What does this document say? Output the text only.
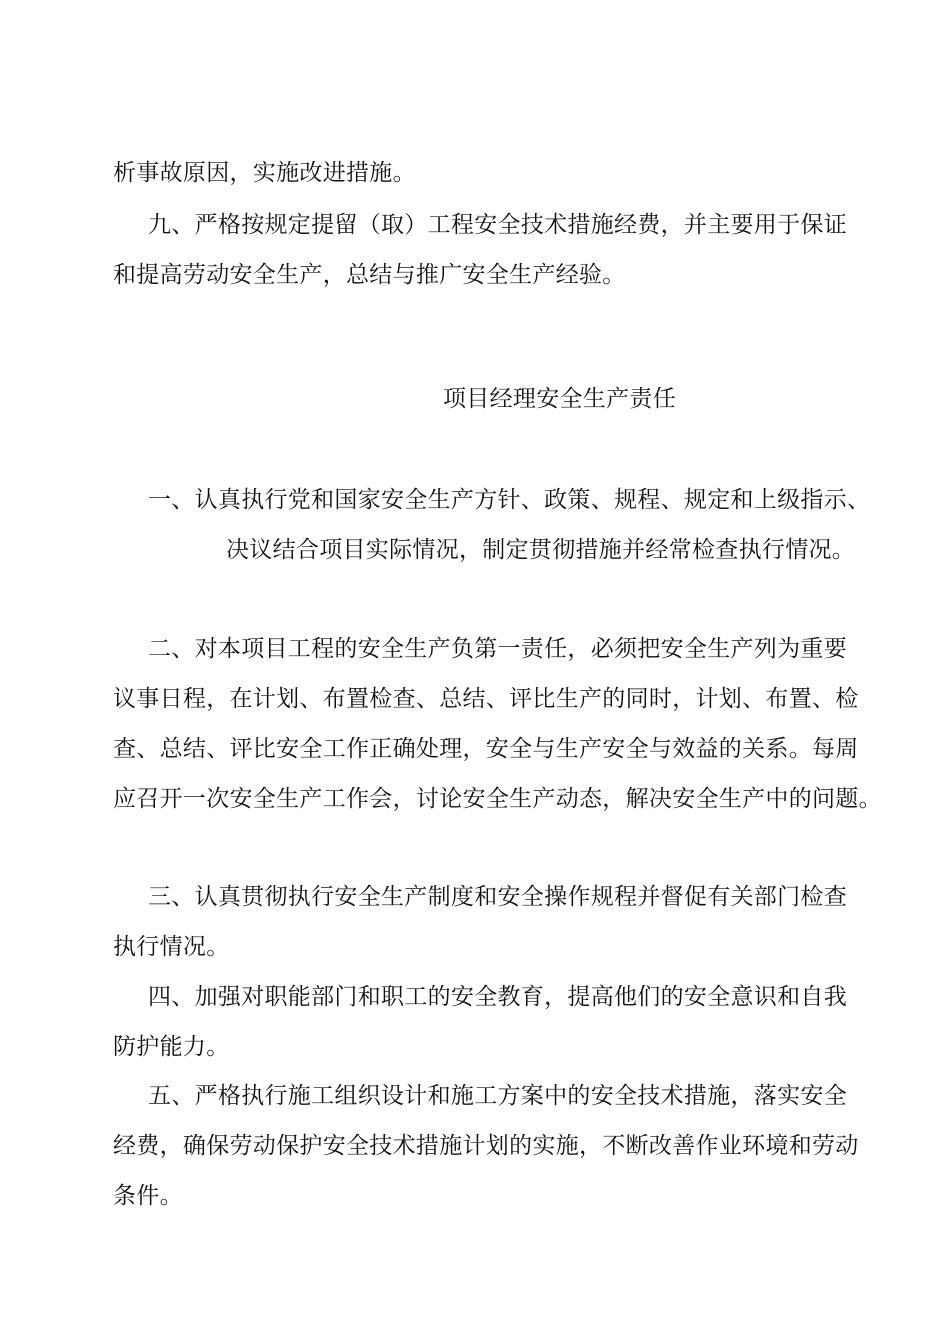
析事故原因，实施改进措施。
九、严格按规定提留（取）工程安全技术措施经费，并主要用于保证
和提高劳动安全生产，总结与推广安全生产经验。
项目经理安全生产责任
一、认真执行党和国家安全生产方针、政策、规程、规定和上级指示、
决议结合项目实际情况，制定贯彻措施并经常检查执行情况。
二、对本项目工程的安全生产负第一责任，必须把安全生产列为重要
议事日程，在计划、布置检查、总结、评比生产的同时，计划、布置、检
查、总结、评比安全工作正确处理，安全与生产安全与效益的关系。每周
应召开一次安全生产工作会，讨论安全生产动态，解决安全生产中的问题。
三、认真贯彻执行安全生产制度和安全操作规程并督促有关部门检查
执行情况。
四、加强对职能部门和职工的安全教育，提高他们的安全意识和自我
防护能力。
五、严格执行施工组织设计和施工方案中的安全技术措施，落实安全
经费，确保劳动保护安全技术措施计划的实施，不断改善作业环境和劳动
条件。
